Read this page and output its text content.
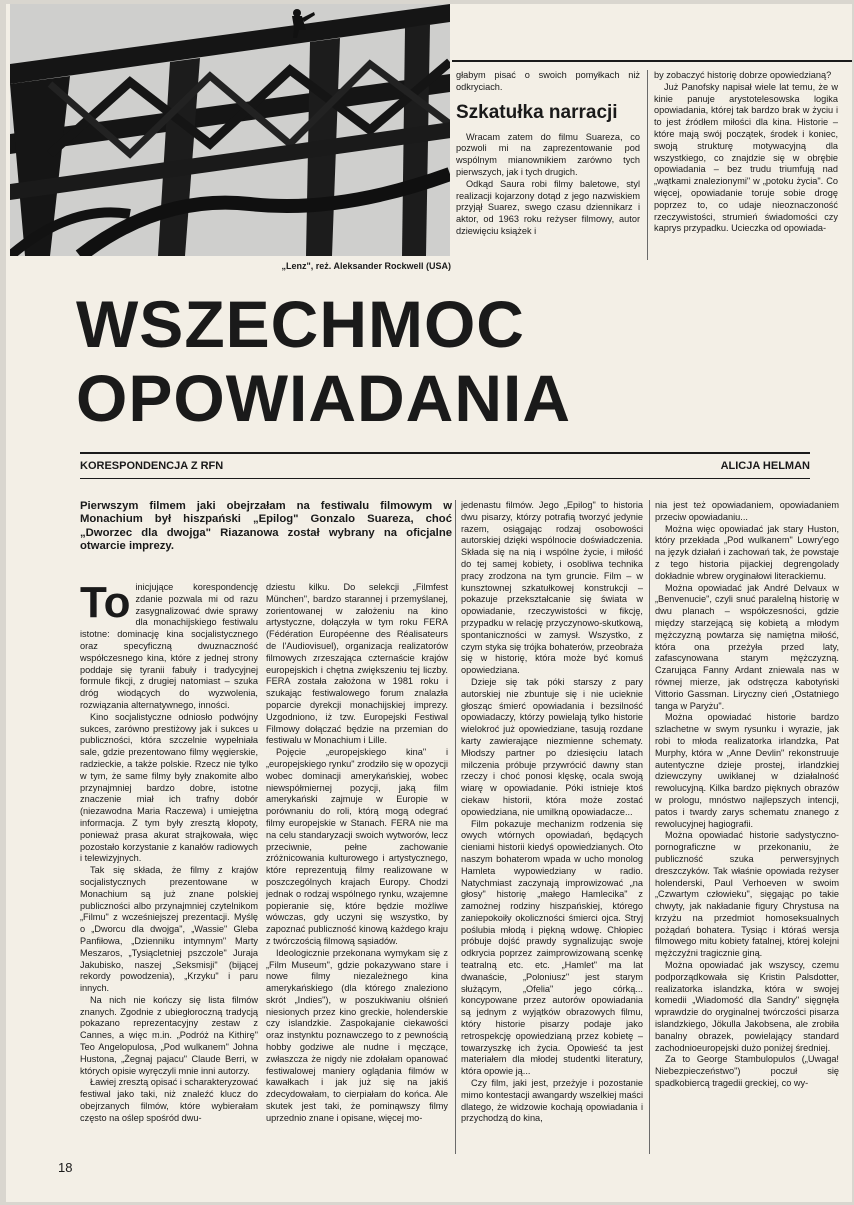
„Lenz", reż. Aleksander Rockwell (USA)

głabym pisać o swoich pomyłkach niż odkryciach.

Szkatułka narracji

Wracam zatem do filmu Suareza, co pozwoli mi na zaprezentowanie pod wspólnym mianownikiem zarówno tych pierwszych, jak i tych drugich.

Odkąd Saura robi filmy baletowe, styl realizacji kojarzony dotąd z jego nazwiskiem przyjął Suarez, swego czasu dziennikarz i aktor, od 1963 roku reżyser filmowy, autor dziewięciu książek i

by zobaczyć historię dobrze opowiedzianą?

Już Panofsky napisał wiele lat temu, że w kinie panuje arystotelesowska logika opowiadania, której tak bardzo brak w życiu i to jest źródłem miłości dla kina. Historie – które mają swój początek, środek i koniec, swoją strukturę motywacyjną dla wszystkiego, co znajdzie się w obrębie opowiadania – bez trudu triumfują nad „wątkami znalezionymi" w „potoku życia". Co więcej, opowiadanie toruje sobie drogę poprzez to, co udaje nieoznaczoność rzeczywistości, strumień świadomości czy kaprys przypadku. Ucieczka od opowiada-

WSZECHMOC
OPOWIADANIA
KORESPONDENCJA Z RFN	ALICJA HELMAN
Pierwszym filmem jaki obejrzałam na festiwalu filmowym w Monachium był hiszpański „Epilog" Gonzalo Suareza, choć „Dworzec dla dwojga" Riazanowa został wybrany na oficjalne otwarcie imprezy.

To inicjujące korespondencję zdanie pozwala mi od razu zasygnalizować dwie sprawy dla monachijskiego festiwalu istotne: dominację kina socjalistycznego oraz specyficzną dwuznaczność współczesnego kina, które z jednej strony poddaje się tyranii fabuły i tradycyjnej formule fikcji, z drugiej natomiast – szuka dróg wiodących do wyzwolenia, rozwiązania alternatywnego, inności.

Kino socjalistyczne odniosło podwójny sukces, zarówno prestiżowy jak i sukces u publiczności, która szczelnie wypełniała sale, gdzie prezentowano filmy węgierskie, radzieckie, a także polskie. Rzecz nie tylko w tym, że same filmy były znakomite albo przynajmniej bardzo dobre, istotne znaczenie miał ich trafny dobór (niezawodna Maria Raczewa) i umiejętna informacja. Z tym były zresztą kłopoty, ponieważ prasa akurat strajkowała, więc pozostało korzystanie z kanałów radiowych i telewizyjnych.

Tak się składa, że filmy z krajów socjalistycznych prezentowane w Monachium są już znane polskiej publiczności albo przynajmniej czytelnikom „Filmu" z wcześniejszej prezentacji. Myślę o „Dworcu dla dwojga", „Wassie" Gleba Panfiłowa, „Dzienniku intymnym" Marty Meszaros, „Tysiącletniej pszczole" Juraja Jakubisko, naszej „Seksmisji" (bijącej rekordy powodzenia), „Krzyku" i paru innych.

Na nich nie kończy się lista filmów znanych. Zgodnie z ubiegłoroczną tradycją pokazano reprezentacyjny zestaw z Cannes, a więc m.in. „Podróż na Kithirę" Teo Angelopulosa, „Pod wulkanem" Johna Hustona, „Żegnaj pajacu" Claude Berri, w których opisie wyręczyli mnie inni autorzy.

Ławiej zresztą opisać i scharakteryzować festiwal jako taki, niż znaleźć klucz do obejrzanych filmów, które wybierałam często na oślep spośród dwu-

dziestu kilku. Do selekcji „Filmfest München", bardzo starannej i przemyślanej, zorientowanej w założeniu na kino artystyczne, dołączyła w tym roku FERA (Fédération Européenne des Réalisateurs de l'Audiovisuel), organizacja realizatorów filmowych zrzeszająca czternaście krajów europejskich i chętna zwiększeniu tej liczby. FERA została założona w 1981 roku i szukając festiwalowego forum znalazła poparcie dyrekcji monachijskiej imprezy. Uzgodniono, iż tzw. Europejski Festiwal Filmowy dołączać będzie na przemian do festiwalu w Monachium i Lille.

Pojęcie „europejskiego kina" i „europejskiego rynku" zrodziło się w opozycji wobec dominacji amerykańskiej, wobec niewspółmiernej pozycji, jaką film amerykański zajmuje w Europie w porównaniu do roli, którą mogą odegrać filmy europejskie w Stanach. FERA nie ma na celu standaryzacji swoich wytworów, lecz przeciwnie, pełne zachowanie zróżnicowania kulturowego i artystycznego, które reprezentują filmy realizowane w poszczególnych krajach Europy. Chodzi jednak o rodzaj wspólnego rynku, wzajemne popieranie się, które będzie możliwe wówczas, gdy uczyni się wszystko, by zapoznać publiczność kinową każdego kraju z twórczością filmową sąsiadów.

Ideologicznie przekonana wymykam się z „Film Museum", gdzie pokazywano stare i nowe filmy niezależnego kina amerykańskiego (dla którego znaleziono skrót „Indies"), w poszukiwaniu olśnień niesionych przez kino greckie, holenderskie czy islandzkie. Zaspokajanie ciekawości oraz instynktu poznawczego to z pewnością hobby godziwe ale nudne i męczące, zwłaszcza że nigdy nie zdołałam opanować festiwalowej maniery oglądania filmów w kawałkach i jak już się na jakiś zdecydowałam, to cierpiałam do końca. Ale skutek jest taki, że pominąwszy filmy uprzednio znane i opisane, więcej mo-

jedenastu filmów. Jego „Epilog" to historia dwu pisarzy, którzy potrafią tworzyć jedynie razem, osiągając rodzaj osobowości autorskiej dzięki wspólnocie doświadczenia. Składa się na nią i wspólne życie, i miłość do tej samej kobiety, i osobliwa technika pracy zrodzona na tym gruncie. Film – w kunsztownej szkatułkowej konstrukcji – pokazuje przekształcanie się świata w opowiadanie, rzeczywistości w fikcję, przypadku w relację przyczynowo-skutkową, spontaniczności w zamysł. Wszystko, z czym styka się trójka bohaterów, przeobraża się w historię, która może być komuś opowiedziana.

Dzieje się tak póki starszy z pary autorskiej nie zbuntuje się i nie ucieknie głosząc śmierć opowiadania i bezsilność opowiadaczy, którzy powielają tylko historie wielokroć już opowiedziane, tasują rozdane karty zawierające niezmienne schematy. Młodszy partner po dziesięciu latach milczenia próbuje przywrócić dawny stan rzeczy i choć ponosi klęskę, ocala swoją wiarę w opowiadanie. Póki istnieje ktoś ciekaw historii, która może zostać opowiedziana, nie umilkną opowiadacze...

Film pokazuje mechanizm rodzenia się owych wtórnych opowiadań, będących cieniami historii kiedyś opowiedzianych. Oto naszym bohaterom wpada w ucho monolog Hamleta wypowiedziany w radio. Natychmiast zaczynają improwizować „na głosy" historię „małego Hamlecika" z zamożnej rodziny hiszpańskiej, którego zaniepokoiły okoliczności śmierci ojca. Stryj poślubia młodą i piękną wdowę. Chłopiec próbuje dojść prawdy sygnalizując swoje odkrycia poprzez zaimprowizowaną scenkę teatralną etc. etc. „Hamlet" ma lat dwanaście, „Poloniusz" jest starym służącym, „Ofelia" jego córką... koncypowane przez autorów opowiadania są jednym z wyjątków obrazowych filmu, który historie pisarzy podaje jako retrospekcję opowiedzianą przez kobietę – towarzyszkę ich życia. Opowieść ta jest materiałem dla młodej studentki literatury, która opowie ją...

Czy film, jaki jest, przeżyje i pozostanie mimo kontestacji awangardy wszelkiej maści dlatego, że widzowie kochają opowiadania i przychodzą do kina,

nia jest też opowiadaniem, opowiadaniem przeciw opowiadaniu...

Można więc opowiadać jak stary Huston, który przekłada „Pod wulkanem" Lowry'ego na język działań i zachowań tak, że powstaje z tego historia pijackiej degrengolady dokładnie wbrew oryginałowi literackiemu.

Można opowiadać jak André Delvaux w „Benvenucie", czyli snuć paralelną historię w dwu planach – współczesności, gdzie między starzejącą się kobietą a młodym mężczyzną powtarza się namiętna miłość, która ona przeżyła przed laty, zafascynowana starym mężczyzną. Czarująca Fanny Ardant zniewala nas w równej mierze, jak odstręcza kabotyński Vittorio Gassman. Liryczny cień „Ostatniego tanga w Paryżu".

Można opowiadać historie bardzo szlachetne w swym rysunku i wyrazie, jak robi to młoda realizatorka irlandzka, Pat Murphy, która w „Anne Devlin" rekonstruuje autentyczne dzieje prostej, irlandzkiej dziewczyny uwikłanej w działalność rewolucyjną. Kilka bardzo pięknych obrazów w prologu, mnóstwo najlepszych intencji, patos i twardy zarys schematu znanego z rewolucyjnej hagiografii.

Można opowiadać historie sadystyczno-pornograficzne w przekonaniu, że publiczność szuka perwersyjnych dreszczyków. Tak właśnie opowiada reżyser holenderski, Paul Verhoeven w swoim „Czwartym człowieku", sięgając po takie chwyty, jak nakładanie figury Chrystusa na krzyżu na przedmiot homoseksualnych pożądań bohatera. Tysiąc i któraś wersja filmowego mitu kobiety fatalnej, której kolejni mężczyźni tragicznie giną.

Można opowiadać jak wszyscy, czemu podporządkowała się Kristin Palsdotter, realizatorka islandzka, która w swojej komedii „Wiadomość dla Sandry" sięgnęła wprawdzie do oryginalnej twórczości pisarza islandzkiego, Jökulla Jakobsena, ale zrobiła banalny obrazek, powielający standard zachodnioeuropejski dużo poniżej średniej.

Za to George Stambulopulos („Uwaga! Niebezpieczeństwo") poczuł się spadkobiercą tragedii greckiej, co wy-

18
